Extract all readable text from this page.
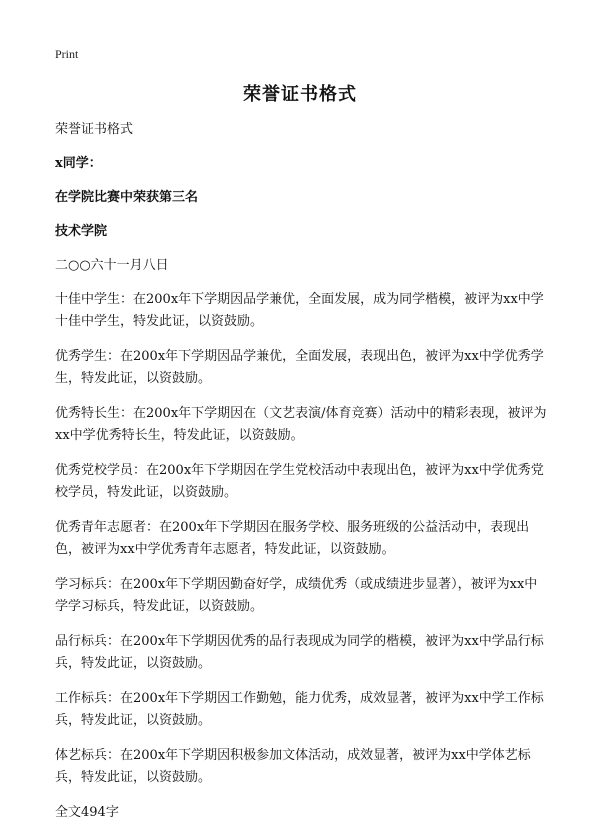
Print
荣誉证书格式

荣誉证书格式

x同学：

在学院比赛中荣获第三名

技术学院

二○○六十一月八日

十佳中学生：在200x年下学期因品学兼优，全面发展，成为同学楷模，被评为xx中学十佳中学生，特发此证，以资鼓励。

优秀学生：在200x年下学期因品学兼优，全面发展，表现出色，被评为xx中学优秀学生，特发此证，以资鼓励。

优秀特长生：在200x年下学期因在（文艺表演/体育竞赛）活动中的精彩表现，被评为xx中学优秀特长生，特发此证，以资鼓励。

优秀党校学员：在200x年下学期因在学生党校活动中表现出色，被评为xx中学优秀党校学员，特发此证，以资鼓励。

优秀青年志愿者：在200x年下学期因在服务学校、服务班级的公益活动中，表现出色，被评为xx中学优秀青年志愿者，特发此证，以资鼓励。

学习标兵：在200x年下学期因勤奋好学，成绩优秀（或成绩进步显著），被评为xx中学学习标兵，特发此证，以资鼓励。

品行标兵：在200x年下学期因优秀的品行表现成为同学的楷模，被评为xx中学品行标兵，特发此证，以资鼓励。

工作标兵：在200x年下学期因工作勤勉，能力优秀，成效显著，被评为xx中学工作标兵，特发此证，以资鼓励。

体艺标兵：在200x年下学期因积极参加文体活动，成效显著，被评为xx中学体艺标兵，特发此证，以资鼓励。

全文494字
